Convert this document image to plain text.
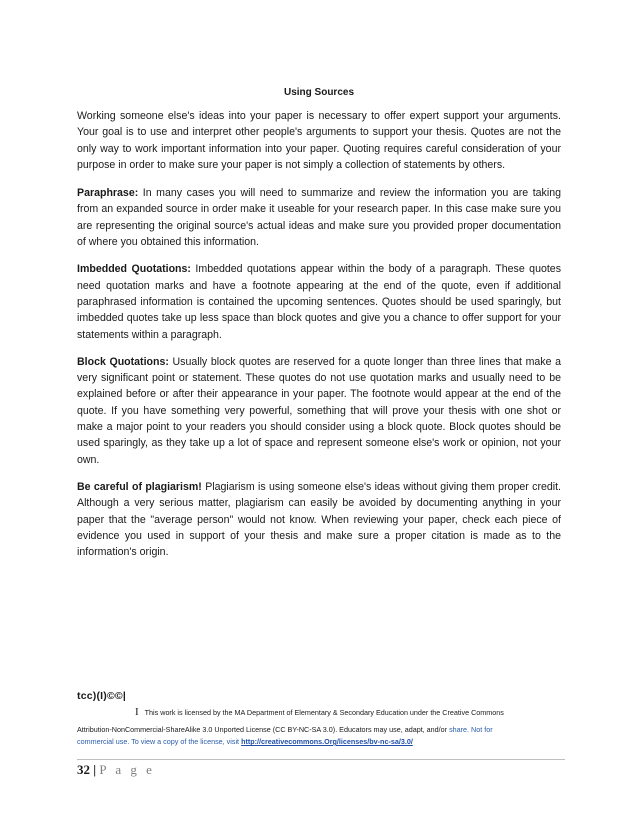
Using Sources

Working someone else's ideas into your paper is necessary to offer expert support your arguments. Your goal is to use and interpret other people's arguments to support your thesis. Quotes are not the only way to work important information into your paper. Quoting requires careful consideration of your purpose in order to make sure your paper is not simply a collection of statements by others.

Paraphrase: In many cases you will need to summarize and review the information you are taking from an expanded source in order make it useable for your research paper. In this case make sure you are representing the original source's actual ideas and make sure you provided proper documentation of where you obtained this information.

Imbedded Quotations: Imbedded quotations appear within the body of a paragraph. These quotes need quotation marks and have a footnote appearing at the end of the quote, even if additional paraphrased information is contained the upcoming sentences. Quotes should be used sparingly, but imbedded quotes take up less space than block quotes and give you a chance to offer support for your statements within a paragraph.

Block Quotations: Usually block quotes are reserved for a quote longer than three lines that make a very significant point or statement. These quotes do not use quotation marks and usually need to be explained before or after their appearance in your paper. The footnote would appear at the end of the quote. If you have something very powerful, something that will prove your thesis with one shot or make a major point to your readers you should consider using a block quote. Block quotes should be used sparingly, as they take up a lot of space and represent someone else's work or opinion, not your own.

Be careful of plagiarism! Plagiarism is using someone else's ideas without giving them proper credit. Although a very serious matter, plagiarism can easily be avoided by documenting anything in your paper that the "average person" would not know. When reviewing your paper, check each piece of evidence you used in support of your thesis and make sure a proper citation is made as to the information's origin.

tcc)(I)©©|
I This work is licensed by the MA Department of Elementary & Secondary Education under the Creative Commons
Attribution-NonCommercial-ShareAlike 3.0 Unported License (CC BY-NC-SA 3.0). Educators may use, adapt, and/or share. Not for
commercial use. To view a copy of the license, visit http://creativecommons.Org/licenses/bv-nc-sa/3.0/
32 | P a g e
